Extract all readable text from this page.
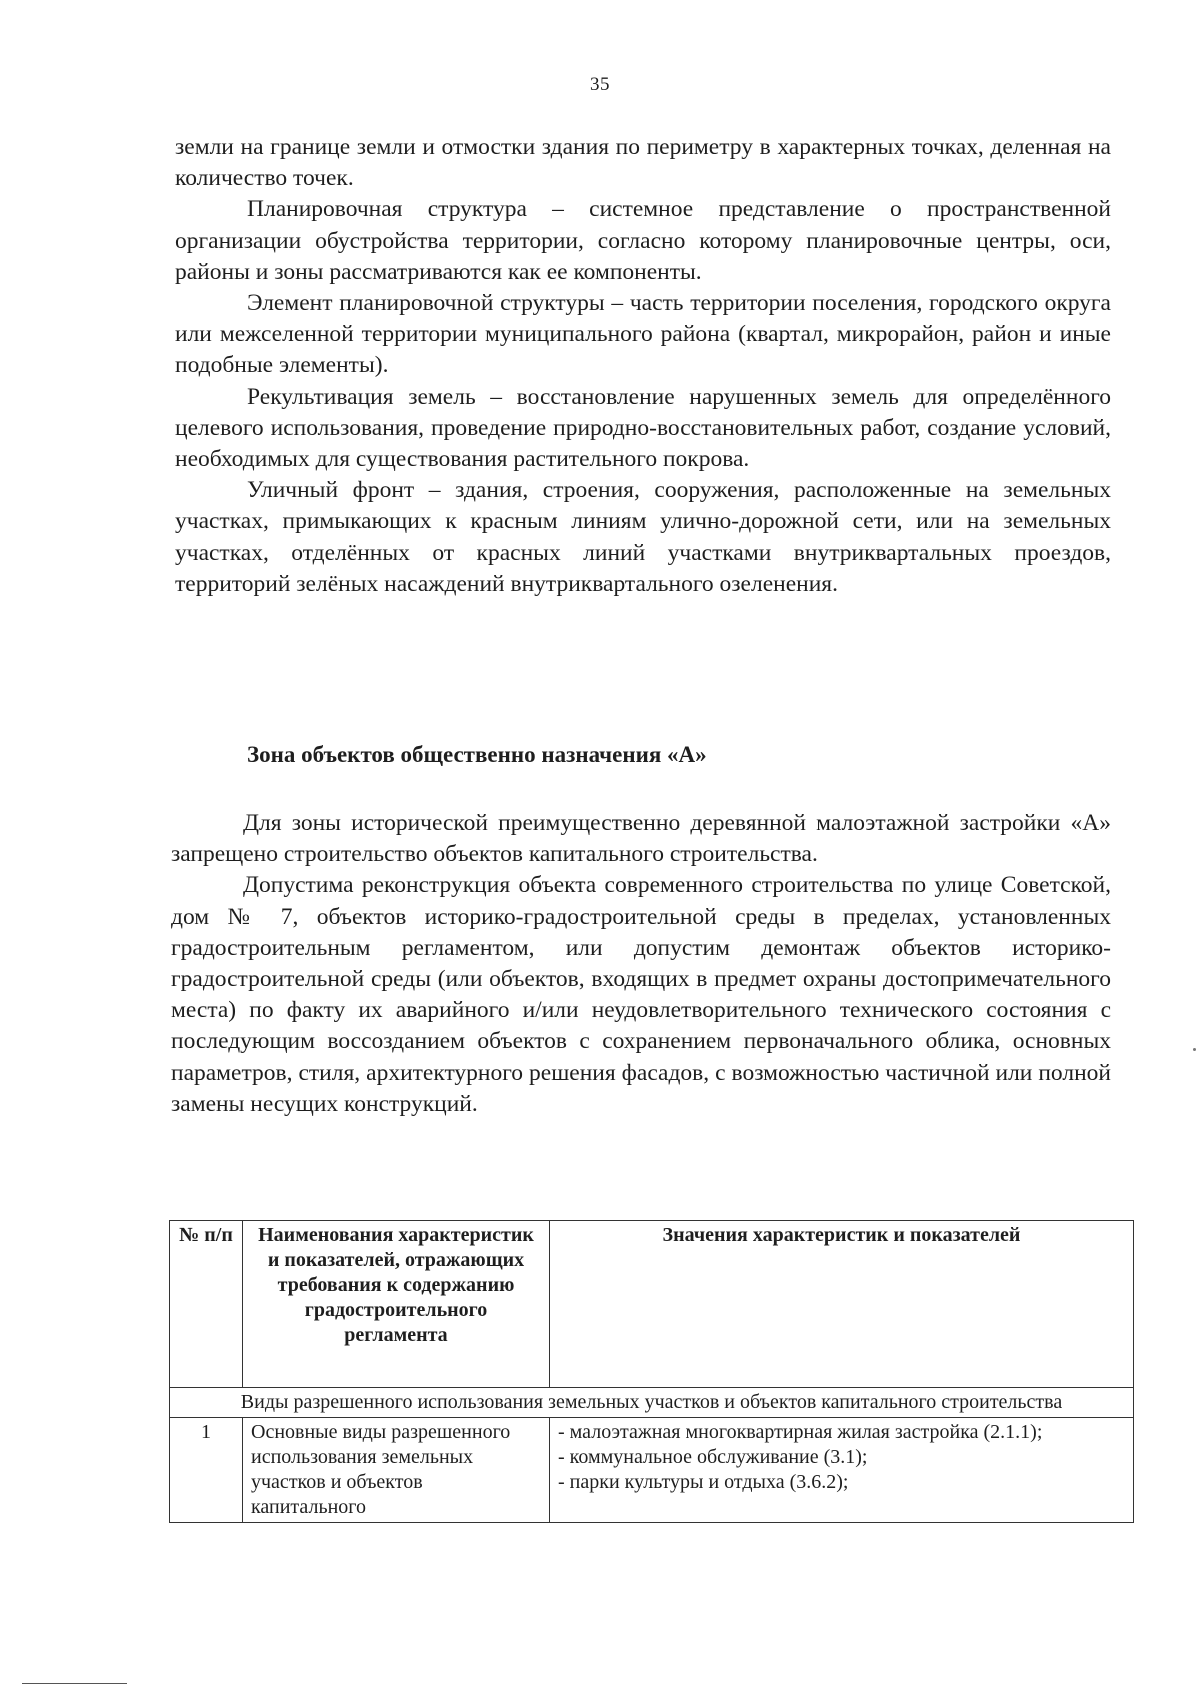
35

земли на границе земли и отмостки здания по периметру в характерных точках, деленная на количество точек.

Планировочная структура – системное представление о пространственной организации обустройства территории, согласно которому планировочные центры, оси, районы и зоны рассматриваются как ее компоненты.

Элемент планировочной структуры – часть территории поселения, городского округа или межселенной территории муниципального района (квартал, микрорайон, район и иные подобные элементы).

Рекультивация земель – восстановление нарушенных земель для определённого целевого использования, проведение природно-восстановительных работ, создание условий, необходимых для существования растительного покрова.

Уличный фронт – здания, строения, сооружения, расположенные на земельных участках, примыкающих к красным линиям улично-дорожной сети, или на земельных участках, отделённых от красных линий участками внутриквартальных проездов, территорий зелёных насаждений внутриквартального озеленения.

Зона объектов общественно назначения «А»

Для зоны исторической преимущественно деревянной малоэтажной застройки «А» запрещено строительство объектов капитального строительства.

Допустима реконструкция объекта современного строительства по улице Советской, дом № 7, объектов историко-градостроительной среды в пределах, установленных градостроительным регламентом, или допустим демонтаж объектов историко-градостроительной среды (или объектов, входящих в предмет охраны достопримечательного места) по факту их аварийного и/или неудовлетворительного технического состояния с последующим воссозданием объектов с сохранением первоначального облика, основных параметров, стиля, архитектурного решения фасадов, с возможностью частичной или полной замены несущих конструкций.

№ п/п	Наименования характеристик и показателей, отражающих требования к содержанию градостроительного регламента	Значения характеристик и показателей
Виды разрешенного использования земельных участков и объектов капитального строительства		
1	Основные виды разрешенного использования земельных участков и объектов капитального	- малоэтажная многоквартирная жилая застройка (2.1.1);
- коммунальное обслуживание (3.1);
- парки культуры и отдыха (3.6.2);
